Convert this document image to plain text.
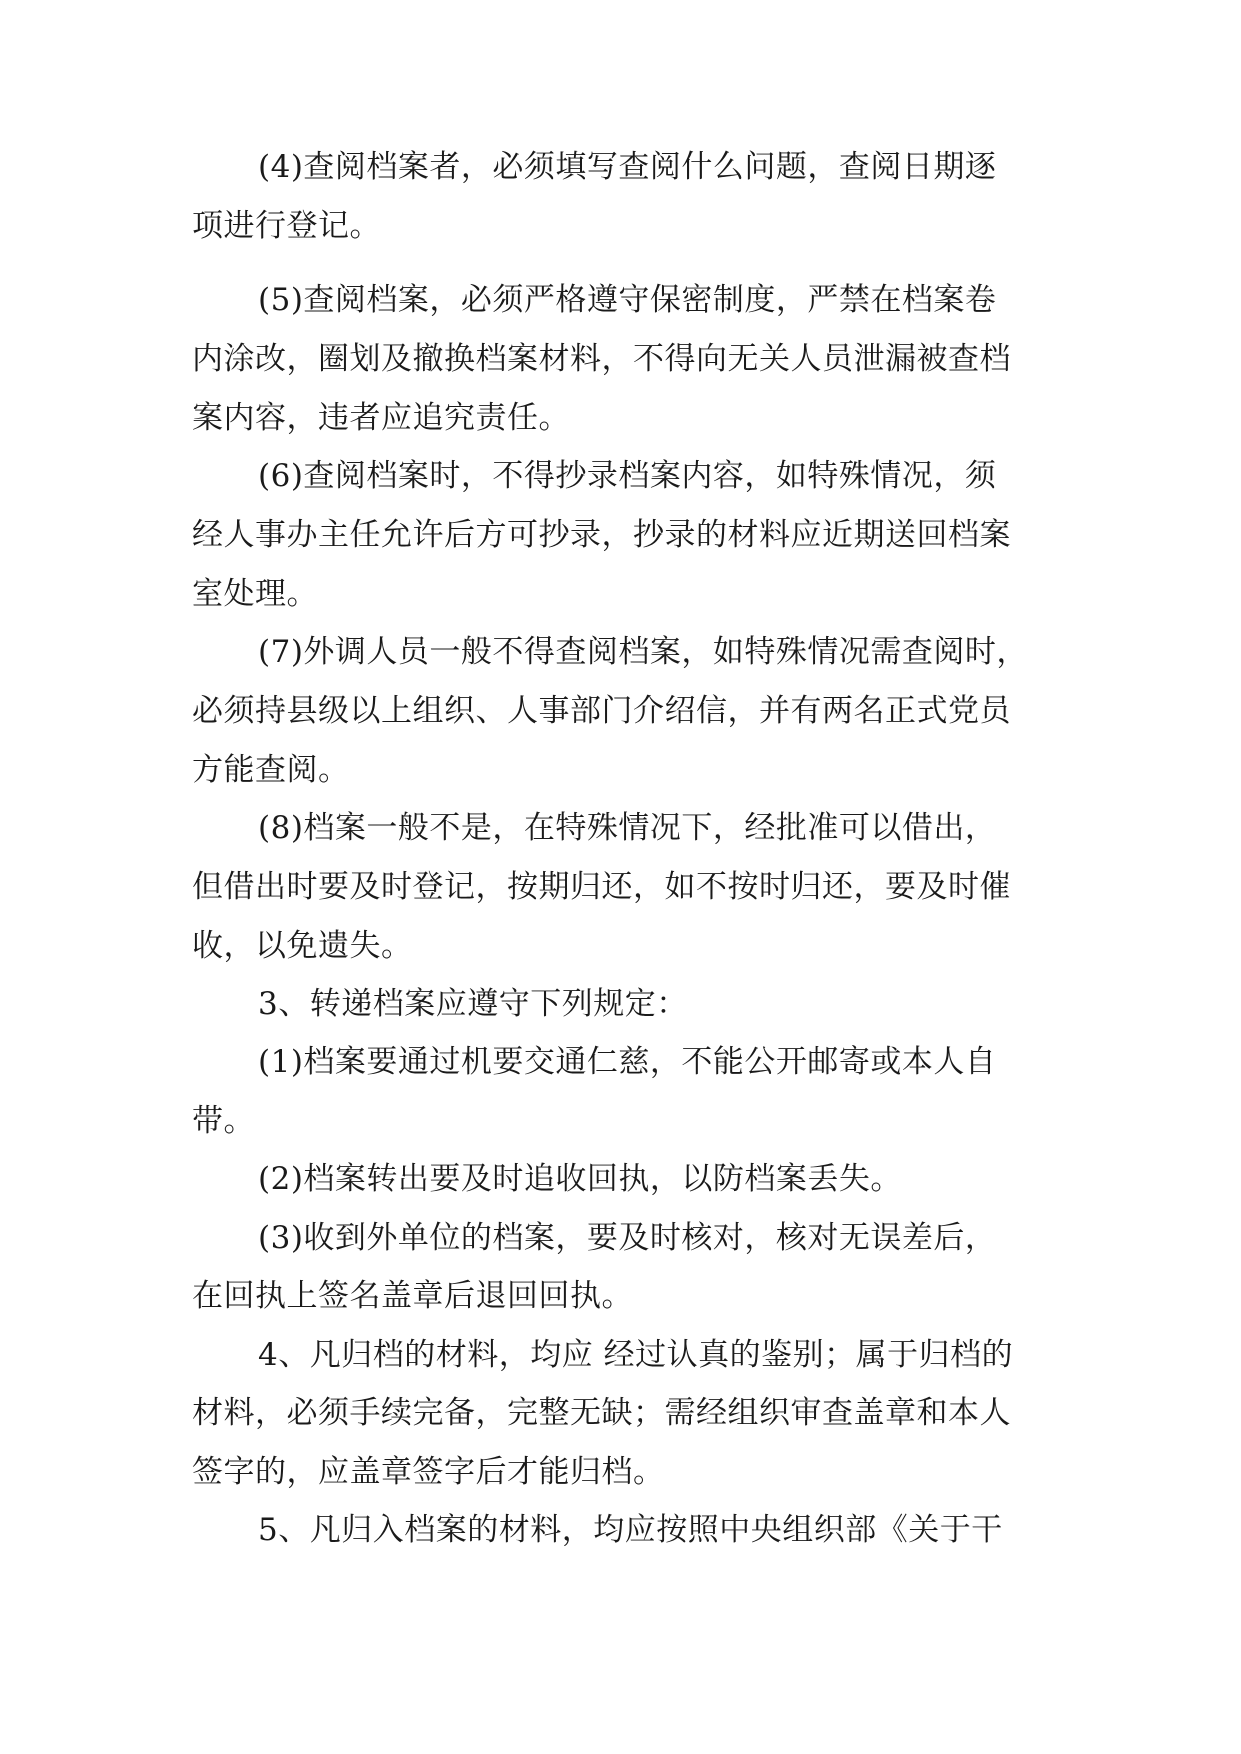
(4)查阅档案者，必须填写查阅什么问题，查阅日期逐
项进行登记。
(5)查阅档案，必须严格遵守保密制度，严禁在档案卷
内涂改，圈划及撤换档案材料，不得向无关人员泄漏被查档
案内容，违者应追究责任。
(6)查阅档案时，不得抄录档案内容，如特殊情况，须
经人事办主任允许后方可抄录，抄录的材料应近期送回档案
室处理。
(7)外调人员一般不得查阅档案，如特殊情况需查阅时，
必须持县级以上组织、人事部门介绍信，并有两名正式党员
方能查阅。
(8)档案一般不是，在特殊情况下，经批准可以借出，
但借出时要及时登记，按期归还，如不按时归还，要及时催
收，以免遗失。
3、转递档案应遵守下列规定：
(1)档案要通过机要交通仁慈，不能公开邮寄或本人自
带。
(2)档案转出要及时追收回执，以防档案丢失。
(3)收到外单位的档案，要及时核对，核对无误差后，
在回执上签名盖章后退回回执。
4、凡归档的材料，均应 经过认真的鉴别；属于归档的
材料，必须手续完备，完整无缺；需经组织审查盖章和本人
签字的，应盖章签字后才能归档。
5、凡归入档案的材料，均应按照中央组织部《关于干
